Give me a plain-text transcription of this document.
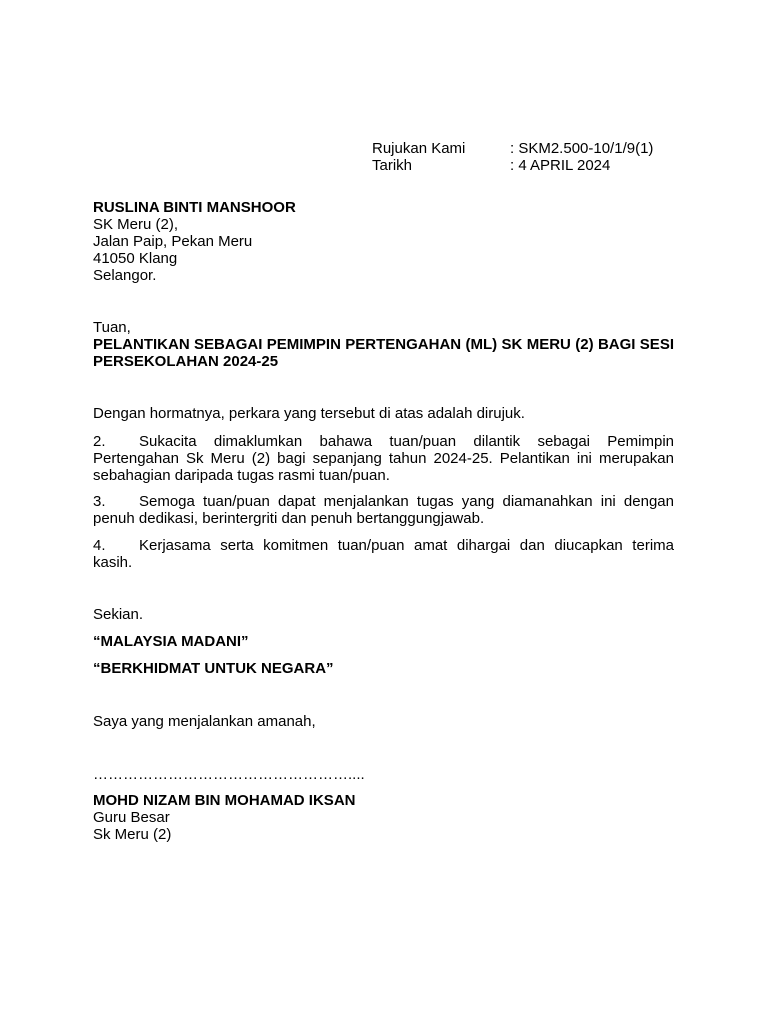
Rujukan Kami	: SKM2.500-10/1/9(1)
Tarikh	: 4 APRIL 2024
RUSLINA BINTI MANSHOOR
SK Meru (2),
Jalan Paip, Pekan Meru
41050 Klang
Selangor.
Tuan,
PELANTIKAN SEBAGAI PEMIMPIN PERTENGAHAN (ML) SK MERU (2) BAGI SESI PERSEKOLAHAN 2024-25
Dengan hormatnya, perkara yang tersebut di atas adalah dirujuk.
2. Sukacita dimaklumkan bahawa tuan/puan dilantik sebagai Pemimpin Pertengahan Sk Meru (2) bagi sepanjang tahun 2024-25. Pelantikan ini merupakan sebahagian daripada tugas rasmi tuan/puan.
3. Semoga tuan/puan dapat menjalankan tugas yang diamanahkan ini dengan penuh dedikasi, berintergriti dan penuh bertanggungjawab.
4. Kerjasama serta komitmen tuan/puan amat dihargai dan diucapkan terima kasih.
Sekian.
“MALAYSIA MADANI”
“BERKHIDMAT UNTUK NEGARA”
Saya yang menjalankan amanah,
……………………………………………....
MOHD NIZAM BIN MOHAMAD IKSAN
Guru Besar
Sk Meru (2)
